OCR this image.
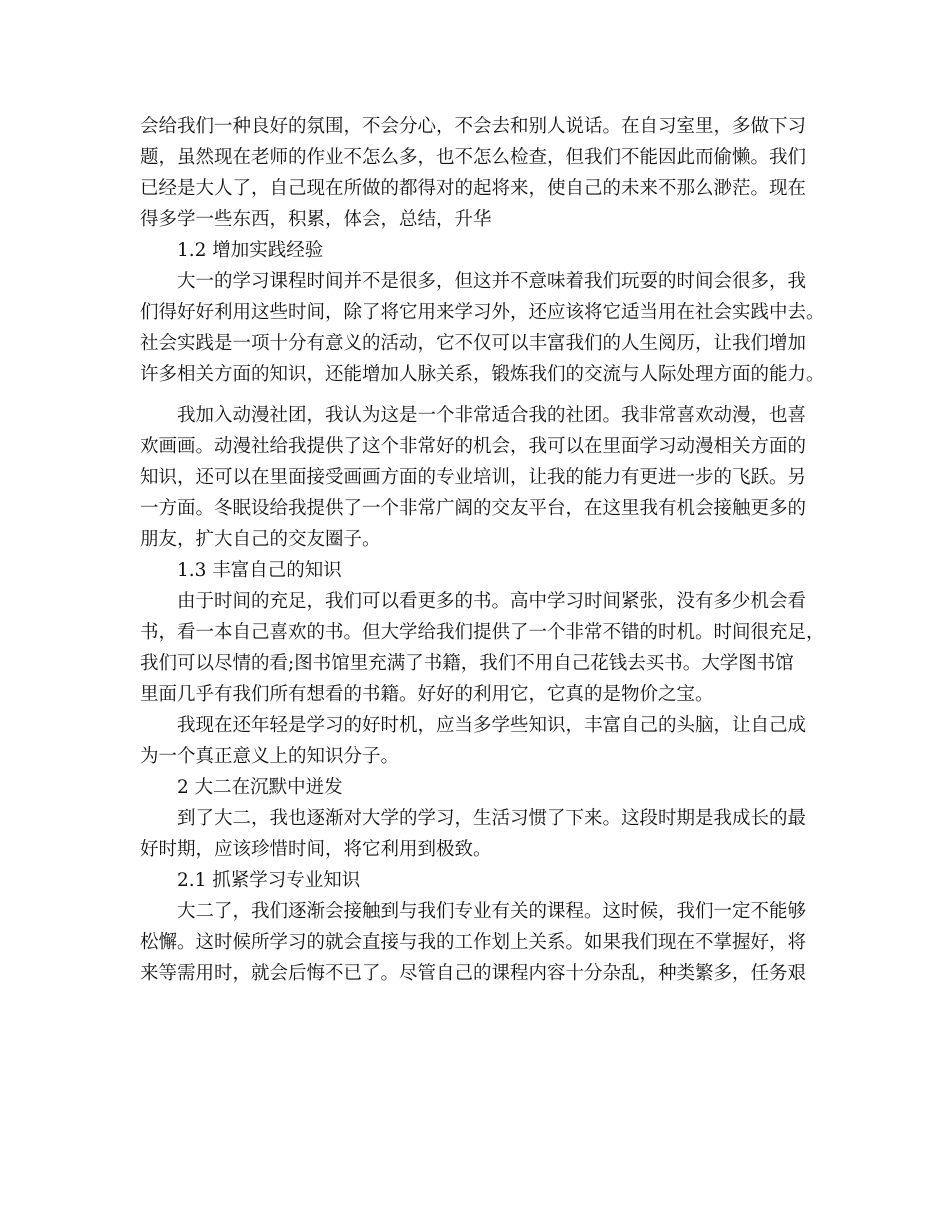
会给我们一种良好的氛围，不会分心，不会去和别人说话。在自习室里，多做下习
题，虽然现在老师的作业不怎么多，也不怎么检查，但我们不能因此而偷懒。我们
已经是大人了，自己现在所做的都得对的起将来，使自己的未来不那么渺茫。现在
得多学一些东西，积累，体会，总结，升华
1.2 增加实践经验
大一的学习课程时间并不是很多，但这并不意味着我们玩耍的时间会很多，我
们得好好利用这些时间，除了将它用来学习外，还应该将它适当用在社会实践中去。
社会实践是一项十分有意义的活动，它不仅可以丰富我们的人生阅历，让我们增加
许多相关方面的知识，还能增加人脉关系，锻炼我们的交流与人际处理方面的能力。
我加入动漫社团，我认为这是一个非常适合我的社团。我非常喜欢动漫，也喜
欢画画。动漫社给我提供了这个非常好的机会，我可以在里面学习动漫相关方面的
知识，还可以在里面接受画画方面的专业培训，让我的能力有更进一步的飞跃。另
一方面。冬眠设给我提供了一个非常广阔的交友平台，在这里我有机会接触更多的
朋友，扩大自己的交友圈子。
1.3 丰富自己的知识
由于时间的充足，我们可以看更多的书。高中学习时间紧张，没有多少机会看
书，看一本自己喜欢的书。但大学给我们提供了一个非常不错的时机。时间很充足，
我们可以尽情的看;图书馆里充满了书籍，我们不用自己花钱去买书。大学图书馆
里面几乎有我们所有想看的书籍。好好的利用它，它真的是物价之宝。
我现在还年轻是学习的好时机，应当多学些知识，丰富自己的头脑，让自己成
为一个真正意义上的知识分子。
2 大二在沉默中迸发
到了大二，我也逐渐对大学的学习，生活习惯了下来。这段时期是我成长的最
好时期，应该珍惜时间，将它利用到极致。
2.1 抓紧学习专业知识
大二了，我们逐渐会接触到与我们专业有关的课程。这时候，我们一定不能够
松懈。这时候所学习的就会直接与我的工作划上关系。如果我们现在不掌握好，将
来等需用时，就会后悔不已了。尽管自己的课程内容十分杂乱，种类繁多，任务艰
